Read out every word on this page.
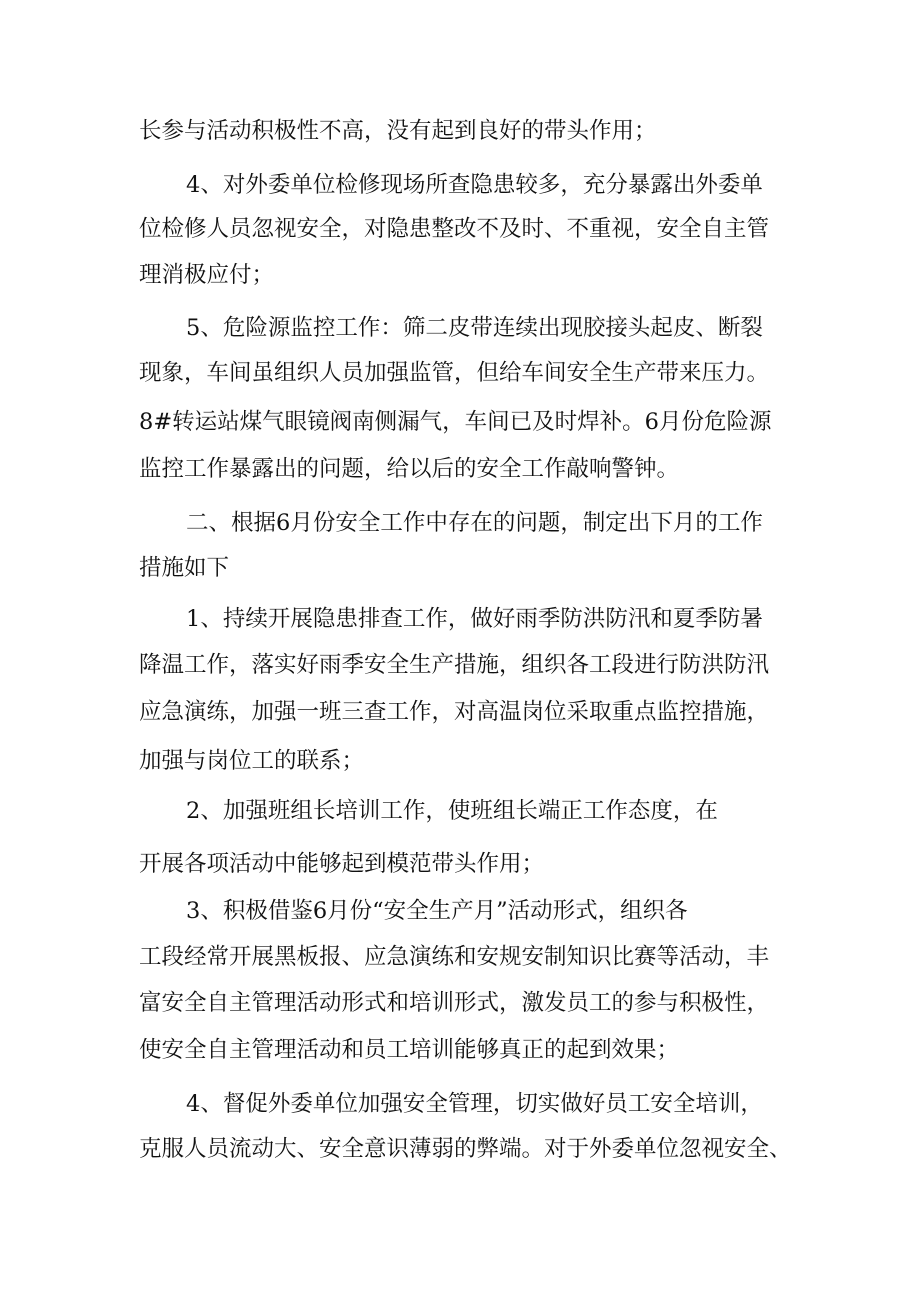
长参与活动积极性不高，没有起到良好的带头作用；
4、对外委单位检修现场所查隐患较多，充分暴露出外委单
位检修人员忽视安全，对隐患整改不及时、不重视，安全自主管
理消极应付；
5、危险源监控工作：筛二皮带连续出现胶接头起皮、断裂
现象，车间虽组织人员加强监管，但给车间安全生产带来压力。
8#转运站煤气眼镜阀南侧漏气，车间已及时焊补。6月份危险源
监控工作暴露出的问题，给以后的安全工作敲响警钟。
二、根据6月份安全工作中存在的问题，制定出下月的工作
措施如下
1、持续开展隐患排查工作，做好雨季防洪防汛和夏季防暑
降温工作，落实好雨季安全生产措施，组织各工段进行防洪防汛
应急演练，加强一班三查工作，对高温岗位采取重点监控措施，
加强与岗位工的联系；
2、加强班组长培训工作，使班组长端正工作态度，在
开展各项活动中能够起到模范带头作用；
3、积极借鉴6月份“安全生产月”活动形式，组织各
工段经常开展黑板报、应急演练和安规安制知识比赛等活动，丰
富安全自主管理活动形式和培训形式，激发员工的参与积极性，
使安全自主管理活动和员工培训能够真正的起到效果；
4、督促外委单位加强安全管理，切实做好员工安全培训，
克服人员流动大、安全意识薄弱的弊端。对于外委单位忽视安全、
